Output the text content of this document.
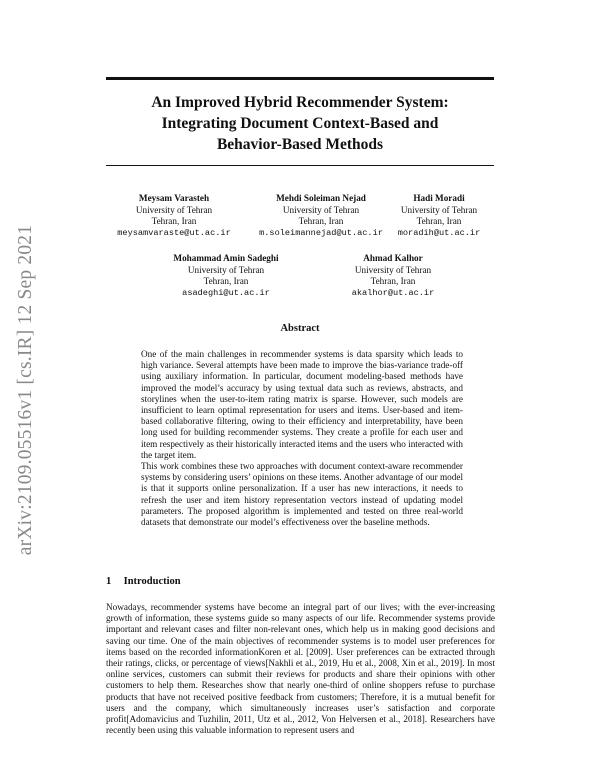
An Improved Hybrid Recommender System:
Integrating Document Context-Based and
Behavior-Based Methods
arXiv:2109.05516v1 [cs.IR] 12 Sep 2021
Meysam Varasteh
University of Tehran
Tehran, Iran
meysamvaraste@ut.ac.ir
Mehdi Soleiman Nejad
University of Tehran
Tehran, Iran
m.soleimannejad@ut.ac.ir
Hadi Moradi
University of Tehran
Tehran, Iran
moradih@ut.ac.ir
Mohammad Amin Sadeghi
University of Tehran
Tehran, Iran
asadeghi@ut.ac.ir
Ahmad Kalhor
University of Tehran
Tehran, Iran
akalhor@ut.ac.ir
Abstract

One of the main challenges in recommender systems is data sparsity which leads to high variance. Several attempts have been made to improve the bias-variance trade-off using auxiliary information. In particular, document modeling-based methods have improved the model’s accuracy by using textual data such as reviews, abstracts, and storylines when the user-to-item rating matrix is sparse. However, such models are insufficient to learn optimal representation for users and items. User-based and item-based collaborative filtering, owing to their efficiency and interpretability, have been long used for building recommender systems. They create a profile for each user and item respectively as their historically interacted items and the users who interacted with the target item.

This work combines these two approaches with document context-aware recommender systems by considering users’ opinions on these items. Another advantage of our model is that it supports online personalization. If a user has new interactions, it needs to refresh the user and item history representation vectors instead of updating model parameters. The proposed algorithm is implemented and tested on three real-world datasets that demonstrate our model’s effectiveness over the baseline methods.

1 Introduction

Nowadays, recommender systems have become an integral part of our lives; with the ever-increasing growth of information, these systems guide so many aspects of our life. Recommender systems provide important and relevant cases and filter non-relevant ones, which help us in making good decisions and saving our time. One of the main objectives of recommender systems is to model user preferences for items based on the recorded informationKoren et al. [2009]. User preferences can be extracted through their ratings, clicks, or percentage of views[Nakhli et al., 2019, Hu et al., 2008, Xin et al., 2019]. In most online services, customers can submit their reviews for products and share their opinions with other customers to help them. Researches show that nearly one-third of online shoppers refuse to purchase products that have not received positive feedback from customers; Therefore, it is a mutual benefit for users and the company, which simultaneously increases user’s satisfaction and corporate profit[Adomavicius and Tuzhilin, 2011, Utz et al., 2012, Von Helversen et al., 2018]. Researchers have recently been using this valuable information to represent users and
